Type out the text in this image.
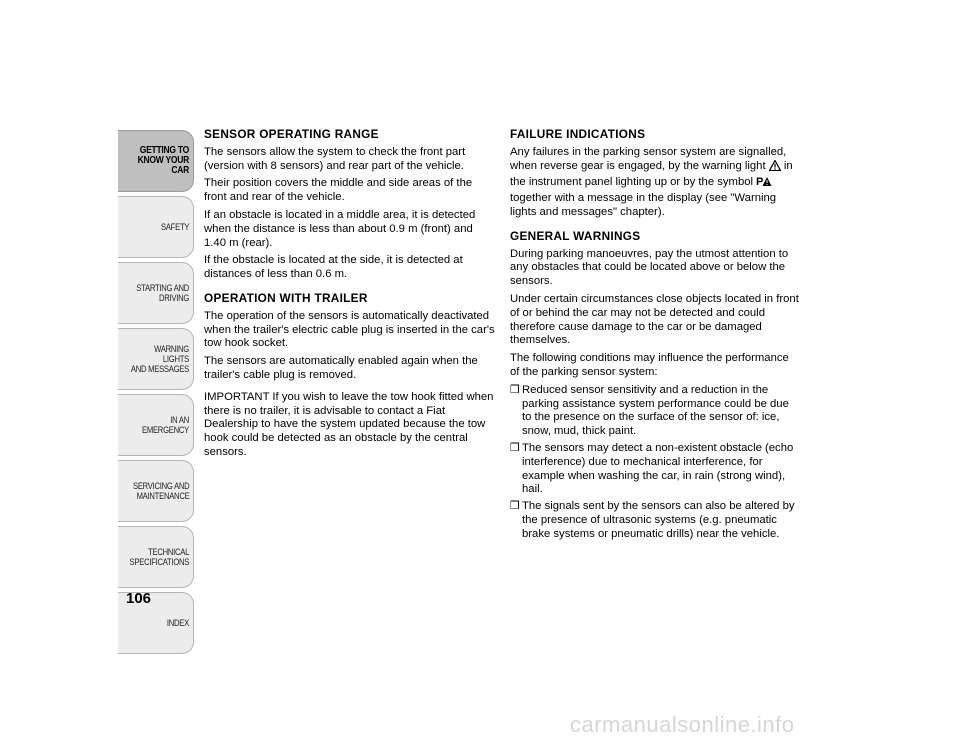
GETTING TO
KNOW YOUR CAR
SAFETY
STARTING AND
DRIVING
WARNING LIGHTS
AND MESSAGES
IN AN EMERGENCY
SERVICING AND
MAINTENANCE
TECHNICAL
SPECIFICATIONS
INDEX
106
SENSOR OPERATING RANGE

The sensors allow the system to check the front part (version with 8 sensors) and rear part of the vehicle.

Their position covers the middle and side areas of the front and rear of the vehicle.

If an obstacle is located in a middle area, it is detected when the distance is less than about 0.9 m (front) and 1.40 m (rear).

If the obstacle is located at the side, it is detected at distances of less than 0.6 m.

OPERATION WITH TRAILER

The operation of the sensors is automatically deactivated when the trailer's electric cable plug is inserted in the car's tow hook socket.

The sensors are automatically enabled again when the trailer's cable plug is removed.

IMPORTANT If you wish to leave the tow hook fitted when there is no trailer, it is advisable to contact a Fiat Dealership to have the system updated because the tow hook could be detected as an obstacle by the central sensors.

FAILURE INDICATIONS

Any failures in the parking sensor system are signalled, when reverse gear is engaged, by the warning light in the instrument panel lighting up or by the symbol P
together with a message in the display (see "Warning lights and messages" chapter).

GENERAL WARNINGS

During parking manoeuvres, pay the utmost attention to any obstacles that could be located above or below the sensors.

Under certain circumstances close objects located in front of or behind the car may not be detected and could therefore cause damage to the car or be damaged themselves.

The following conditions may influence the performance of the parking sensor system:

❒ Reduced sensor sensitivity and a reduction in the parking assistance system performance could be due to the presence on the surface of the sensor of: ice, snow, mud, thick paint.
❒ The sensors may detect a non-existent obstacle (echo interference) due to mechanical interference, for example when washing the car, in rain (strong wind), hail.
❒ The signals sent by the sensors can also be altered by the presence of ultrasonic systems (e.g. pneumatic brake systems or pneumatic drills) near the vehicle.
carmanualsonline.info
